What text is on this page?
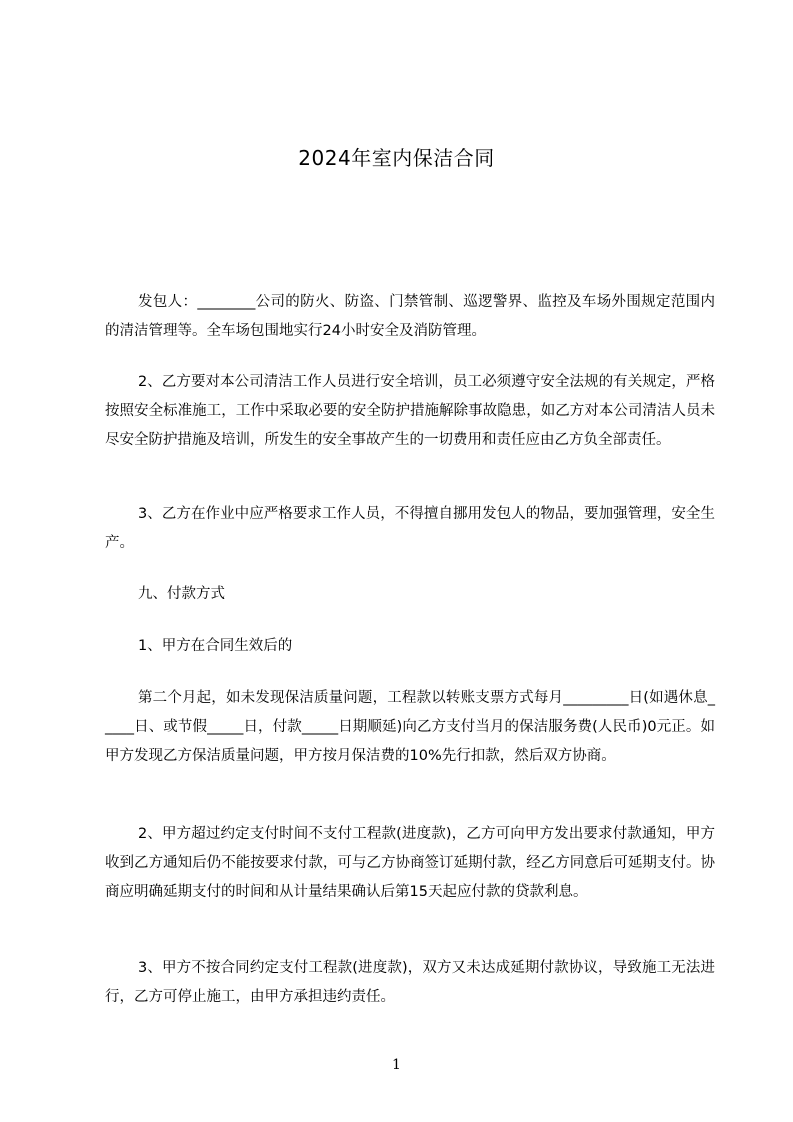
2024年室内保洁合同

发包人：________公司的防火、防盗、门禁管制、巡逻警界、监控及车场外围规定范围内的清洁管理等。全车场包围地实行24小时安全及消防管理。

2、乙方要对本公司清洁工作人员进行安全培训，员工必须遵守安全法规的有关规定，严格按照安全标准施工，工作中采取必要的安全防护措施解除事故隐患，如乙方对本公司清洁人员未尽安全防护措施及培训，所发生的安全事故产生的一切费用和责任应由乙方负全部责任。

3、乙方在作业中应严格要求工作人员，不得擅自挪用发包人的物品，要加强管理，安全生产。

九、付款方式

1、甲方在合同生效后的

第二个月起，如未发现保洁质量问题，工程款以转账支票方式每月_________日(如遇休息_____日、或节假_____日，付款_____日期顺延)向乙方支付当月的保洁服务费(人民币)0元正。如甲方发现乙方保洁质量问题，甲方按月保洁费的10%先行扣款，然后双方协商。

2、甲方超过约定支付时间不支付工程款(进度款)，乙方可向甲方发出要求付款通知，甲方收到乙方通知后仍不能按要求付款，可与乙方协商签订延期付款，经乙方同意后可延期支付。协商应明确延期支付的时间和从计量结果确认后第15天起应付款的贷款利息。

3、甲方不按合同约定支付工程款(进度款)，双方又未达成延期付款协议，导致施工无法进行，乙方可停止施工，由甲方承担违约责任。

1
